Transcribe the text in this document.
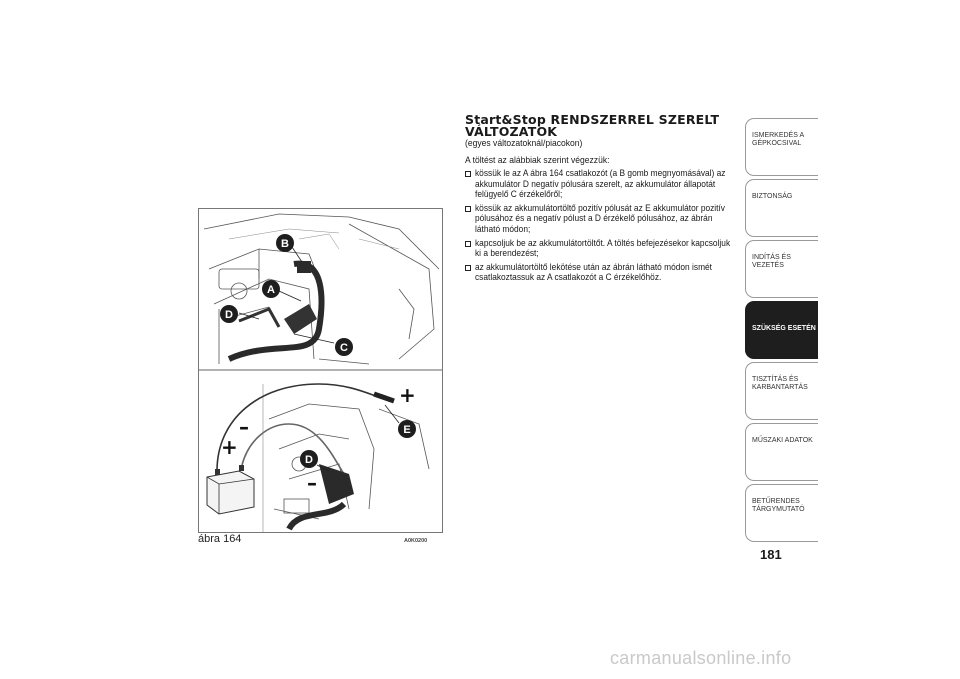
B
A
D
C
+
+
–
–
E
D
ábra 164	A0K0200
Start&Stop RENDSZERREL SZERELT
VÁLTOZATOK
(egyes változatoknál/piacokon)
A töltést az alábbiak szerint végezzük:
kössük le az A ábra 164 csatlakozót (a B gomb megnyomásával) az akkumulátor D negatív pólusára szerelt, az akkumulátor állapotát felügyelő C érzékelőről;
kössük az akkumulátortöltő pozitív pólusát az E akkumulátor pozitív pólusához és a negatív pólust a D érzékelő pólusához, az ábrán látható módon;
kapcsoljuk be az akkumulátortöltőt. A töltés befejezésekor kapcsoljuk ki a berendezést;
az akkumulátortöltő lekötése után az ábrán látható módon ismét csatlakoztassuk az A csatlakozót a C érzékelőhöz.
ISMERKEDÉS A GÉPKOCSIVAL
BIZTONSÁG
INDÍTÁS ÉS VEZETÉS
SZÜKSÉG ESETÉN
TISZTÍTÁS ÉS KARBANTARTÁS
MŰSZAKI ADATOK
BETŰRENDES TÁRGYMUTATÓ
181
carmanualsonline.info
